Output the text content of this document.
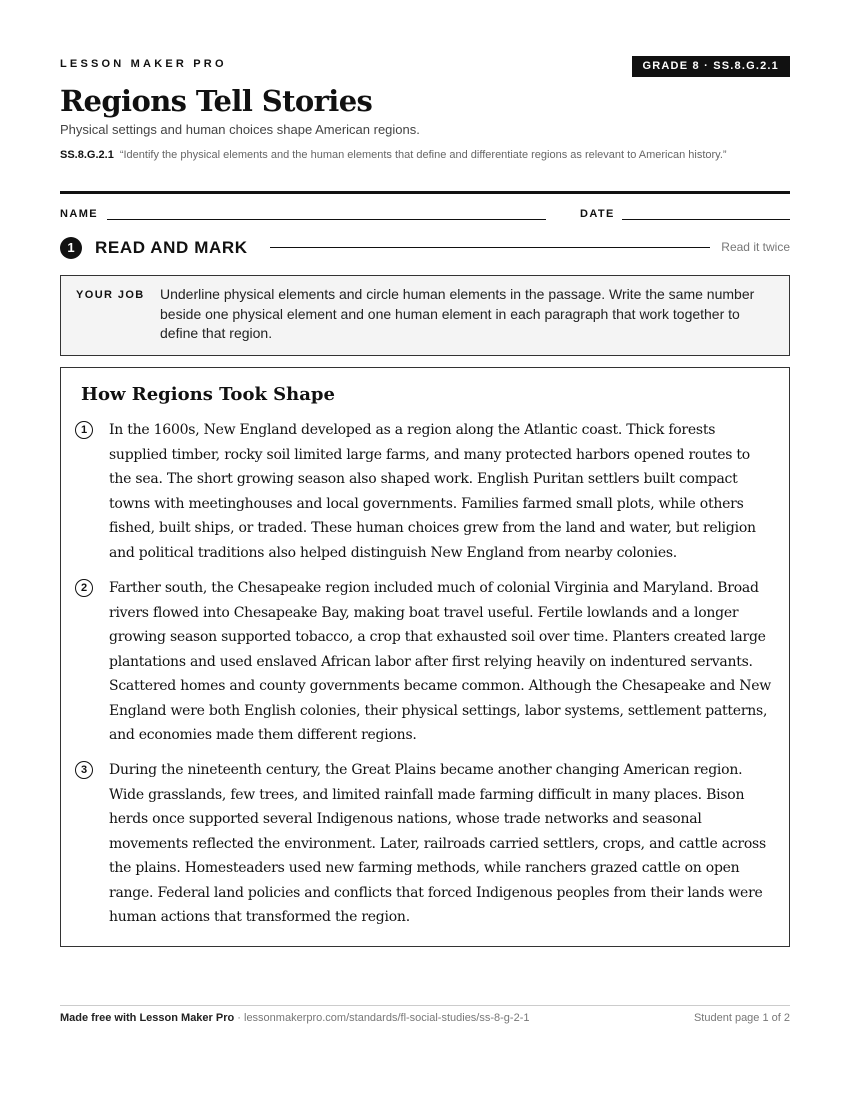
LESSON MAKER PRO	GRADE 8 · SS.8.G.2.1
Regions Tell Stories
Physical settings and human choices shape American regions.
SS.8.G.2.1 “Identify the physical elements and the human elements that define and differentiate regions as relevant to American history.”
NAME	DATE
1	READ AND MARK	Read it twice
YOUR JOB Underline physical elements and circle human elements in the passage. Write the same number beside one physical element and one human element in each paragraph that work together to define that region.
How Regions Took Shape
1	In the 1600s, New England developed as a region along the Atlantic coast. Thick forests supplied timber, rocky soil limited large farms, and many protected harbors opened routes to the sea. The short growing season also shaped work. English Puritan settlers built compact towns with meetinghouses and local governments. Families farmed small plots, while others fished, built ships, or traded. These human choices grew from the land and water, but religion and political traditions also helped distinguish New England from nearby colonies.

2	Farther south, the Chesapeake region included much of colonial Virginia and Maryland. Broad rivers flowed into Chesapeake Bay, making boat travel useful. Fertile lowlands and a longer growing season supported tobacco, a crop that exhausted soil over time. Planters created large plantations and used enslaved African labor after first relying heavily on indentured servants. Scattered homes and county governments became common. Although the Chesapeake and New England were both English colonies, their physical settings, labor systems, settlement patterns, and economies made them different regions.

3	During the nineteenth century, the Great Plains became another changing American region. Wide grasslands, few trees, and limited rainfall made farming difficult in many places. Bison herds once supported several Indigenous nations, whose trade networks and seasonal movements reflected the environment. Later, railroads carried settlers, crops, and cattle across the plains. Homesteaders used new farming methods, while ranchers grazed cattle on open range. Federal land policies and conflicts that forced Indigenous peoples from their lands were human actions that transformed the region.

Made free with Lesson Maker Pro · lessonmakerpro.com/standards/fl-social-studies/ss-8-g-2-1	Student page 1 of 2
